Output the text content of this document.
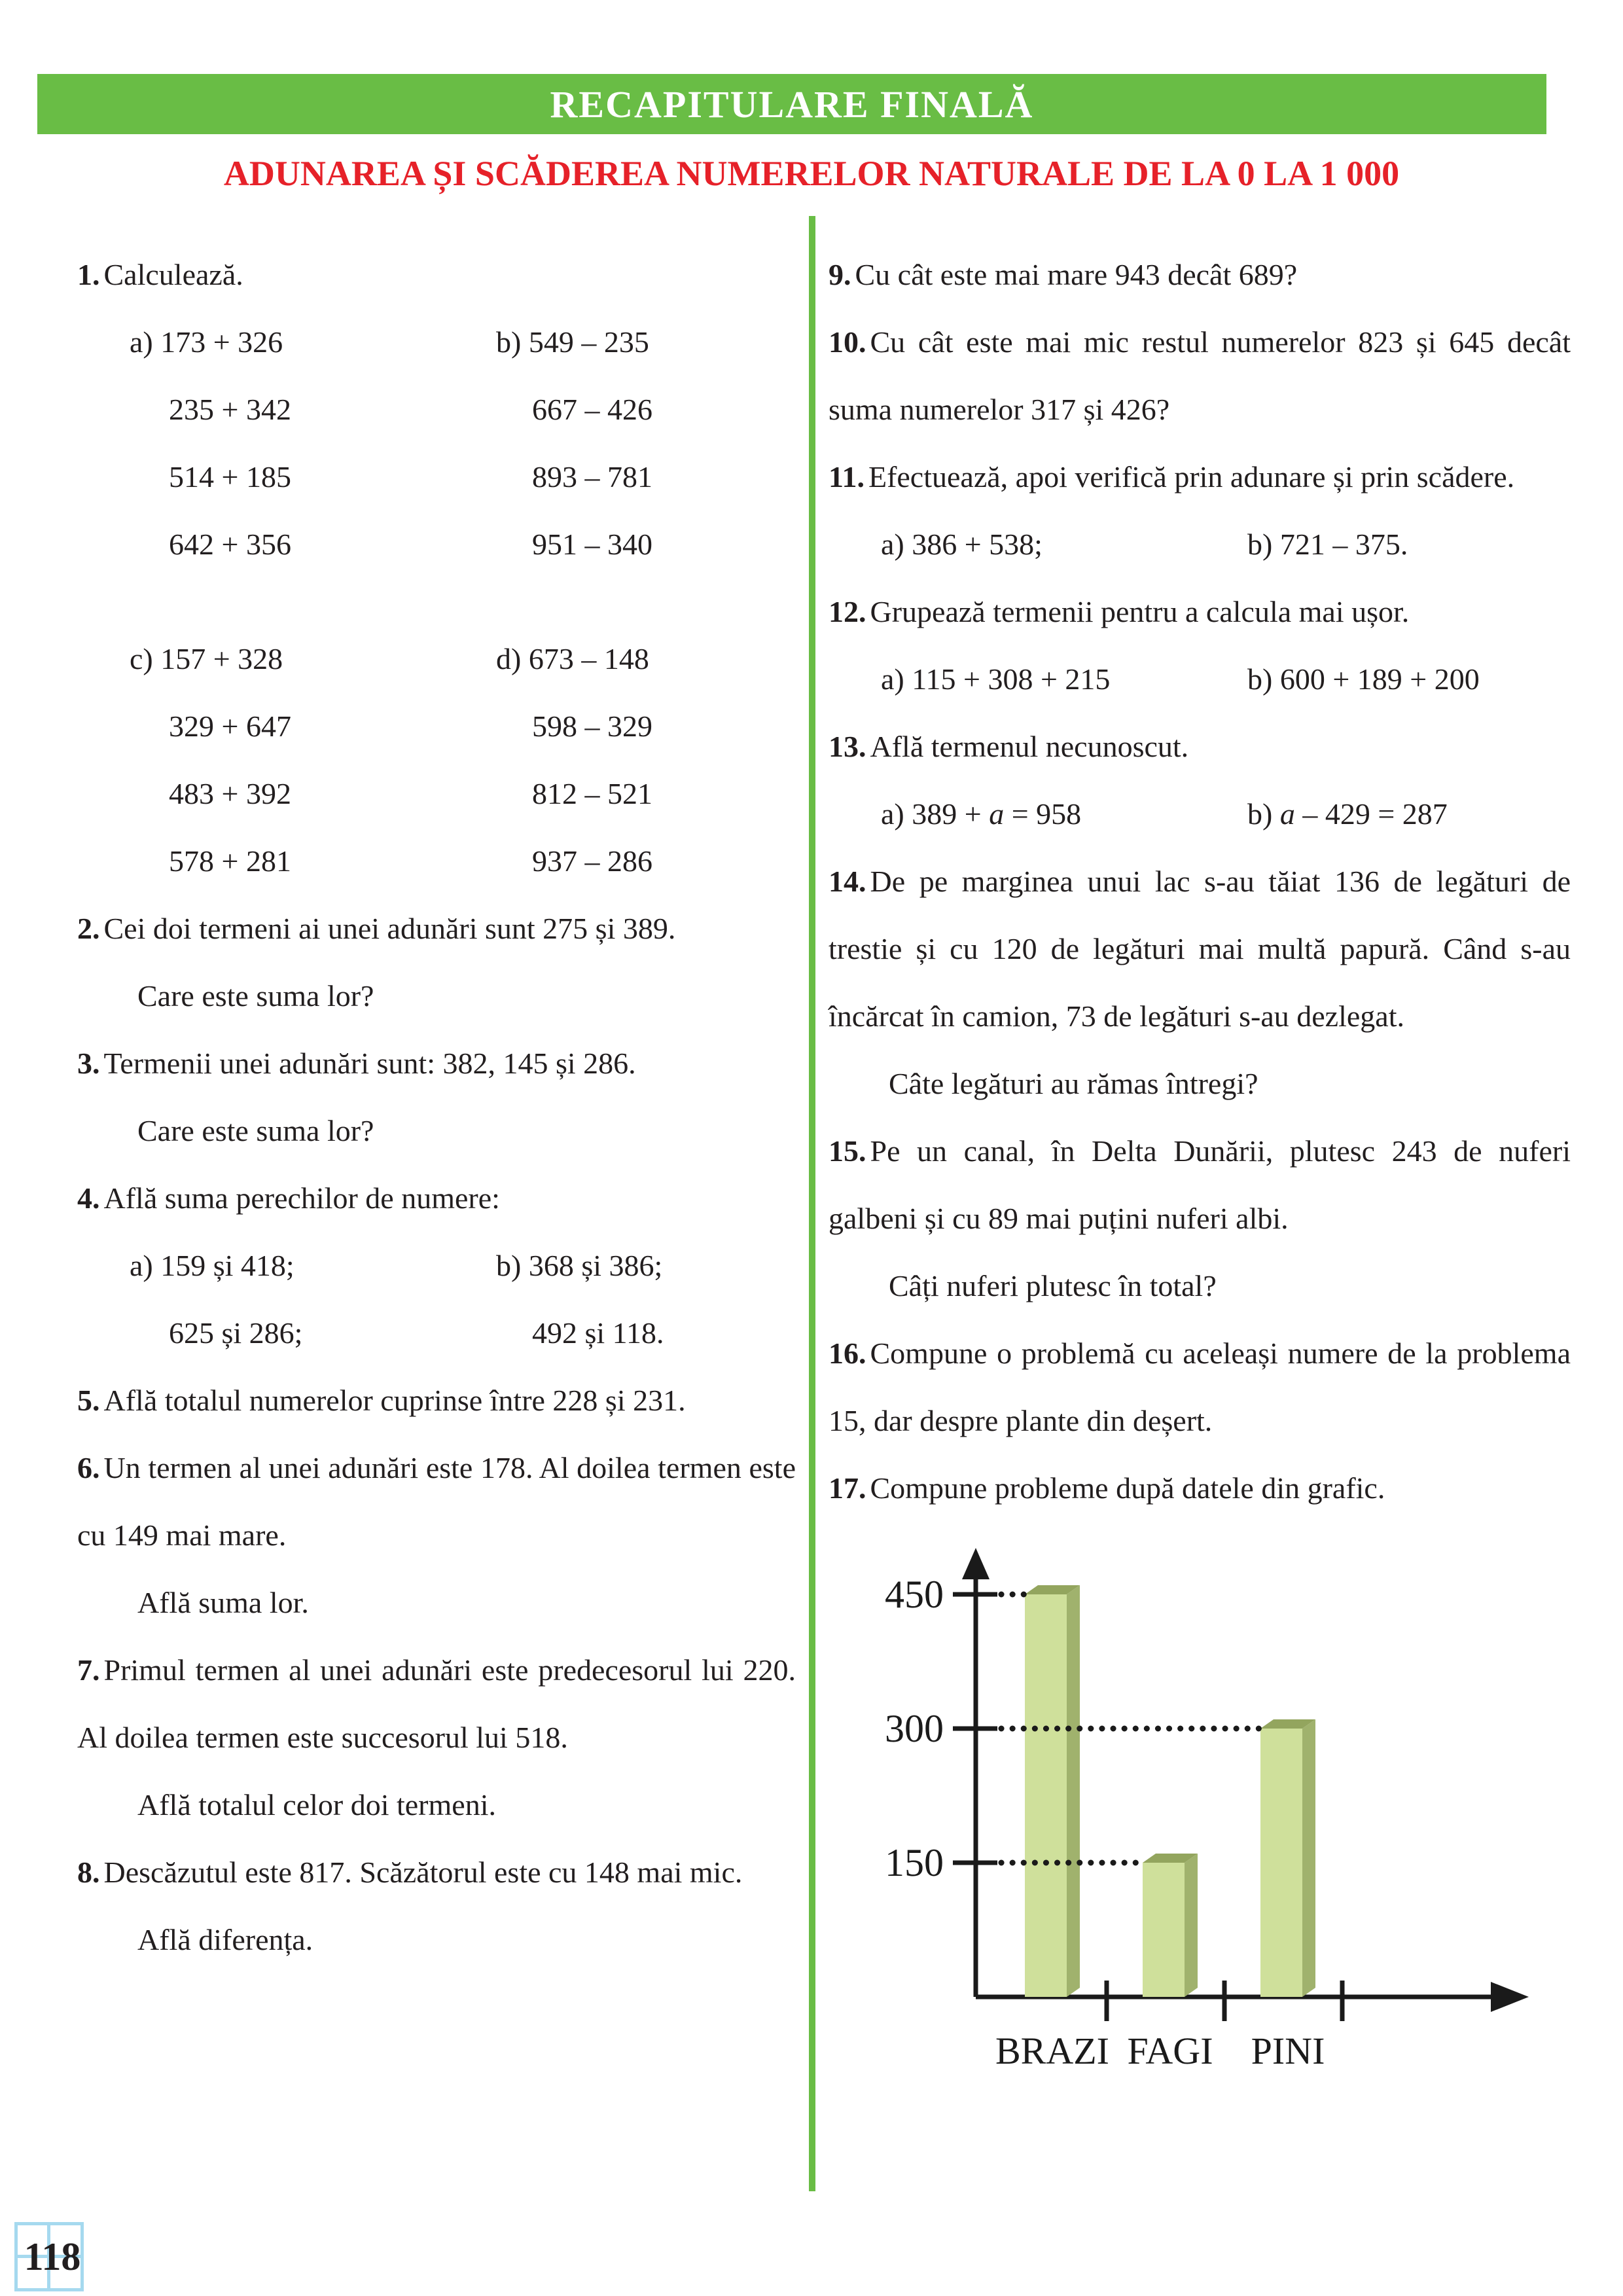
RECAPITULARE FINALĂ
ADUNAREA ȘI SCĂDEREA NUMERELOR NATURALE DE LA 0 LA 1 000

1. Calculează.

a) 173 + 326	b) 549 – 235
235 + 342	667 – 426
514 + 185	893 – 781
642 + 356	951 – 340
c) 157 + 328	d) 673 – 148
329 + 647	598 – 329
483 + 392	812 – 521
578 + 281	937 – 286

2. Cei doi termeni ai unei adunări sunt 275 și 389.

Care este suma lor?

3. Termenii unei adunări sunt: 382, 145 și 286.

Care este suma lor?

4. Află suma perechilor de numere:

a) 159 și 418;	b) 368 și 386;
625 și 286;	492 și 118.

5. Află totalul numerelor cuprinse între 228 și 231.

6. Un termen al unei adunări este 178. Al doilea termen este cu 149 mai mare.

Află suma lor.

7. Primul termen al unei adunări este predecesorul lui 220. Al doilea termen este succesorul lui 518.

Află totalul celor doi termeni.

8. Descăzutul este 817. Scăzătorul este cu 148 mai mic.

Află diferența.

9. Cu cât este mai mare 943 decât 689?

10. Cu cât este mai mic restul numerelor 823 și 645 decât suma numerelor 317 și 426?

11. Efectuează, apoi verifică prin adunare și prin scădere.

a) 386 + 538;	b) 721 – 375.

12. Grupează termenii pentru a calcula mai ușor.

a) 115 + 308 + 215	b) 600 + 189 + 200

13. Află termenul necunoscut.

a) 389 + a = 958	b) a – 429 = 287

14. De pe marginea unui lac s-au tăiat 136 de legături de trestie și cu 120 de legături mai multă papură. Când s-au încărcat în camion, 73 de legături s-au dezlegat.

Câte legături au rămas întregi?

15. Pe un canal, în Delta Dunării, plutesc 243 de nuferi galbeni și cu 89 mai puțini nuferi albi.

Câți nuferi plutesc în total?

16. Compune o problemă cu aceleași numere de la problema 15, dar despre plante din deșert.

17. Compune probleme după datele din grafic.

BRAZI FAGI PINI
450
300
150
118
